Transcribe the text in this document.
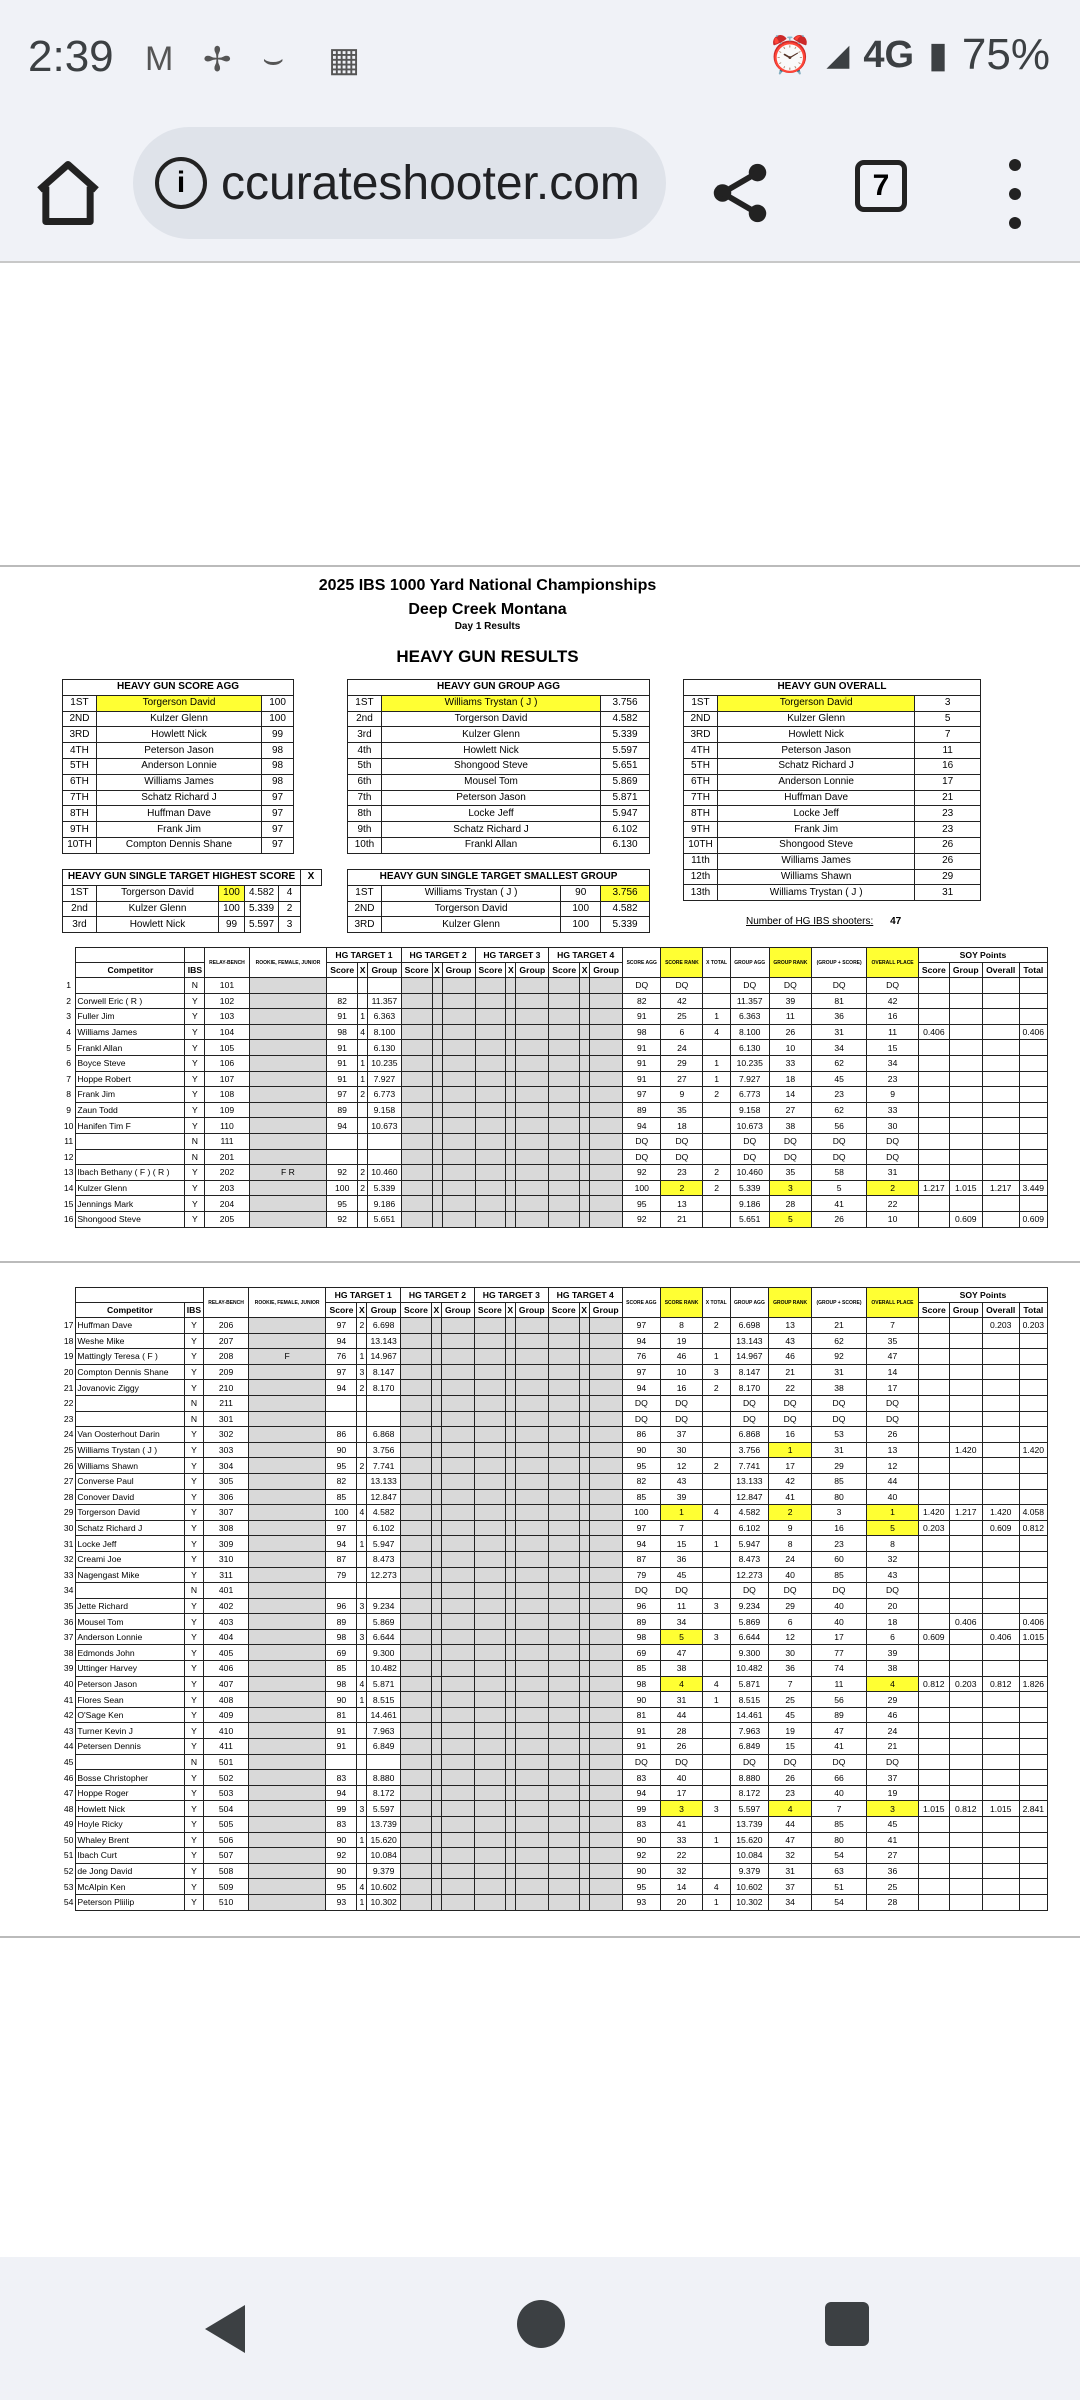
2:39 M ✢ ⌣ ▦	⏰ ◢ 4G ▮ 75%
i ccurateshooter.com	7
2025 IBS 1000 Yard National Championships
Deep Creek Montana
Day 1 Results
HEAVY GUN RESULTS
HEAVY GUN SCORE AGG		
1ST	Torgerson David	100
2ND	Kulzer Glenn	100
3RD	Howlett Nick	99
4TH	Peterson Jason	98
5TH	Anderson Lonnie	98
6TH	Williams James	98
7TH	Schatz Richard J	97
8TH	Huffman Dave	97
9TH	Frank Jim	97
10TH	Compton Dennis Shane	97
HEAVY GUN GROUP AGG		
1ST	Williams Trystan ( J )	3.756
2nd	Torgerson David	4.582
3rd	Kulzer Glenn	5.339
4th	Howlett Nick	5.597
5th	Shongood Steve	5.651
6th	Mousel Tom	5.869
7th	Peterson Jason	5.871
8th	Locke Jeff	5.947
9th	Schatz Richard J	6.102
10th	Frankl Allan	6.130
HEAVY GUN OVERALL		
1ST	Torgerson David	3
2ND	Kulzer Glenn	5
3RD	Howlett Nick	7
4TH	Peterson Jason	11
5TH	Schatz Richard J	16
6TH	Anderson Lonnie	17
7TH	Huffman Dave	21
8TH	Locke Jeff	23
9TH	Frank Jim	23
10TH	Shongood Steve	26
11th	Williams James	26
12th	Williams Shawn	29
13th	Williams Trystan ( J )	31
HEAVY GUN SINGLE TARGET HIGHEST SCORE					X
1ST	Torgerson David	100	4.582	4	
2nd	Kulzer Glenn	100	5.339	2	
3rd	Howlett Nick	99	5.597	3	
HEAVY GUN SINGLE TARGET SMALLEST GROUP			
1ST	Williams Trystan ( J )	90	3.756
2ND	Torgerson David	100	4.582
3RD	Kulzer Glenn	100	5.339	Number of HG IBS shooters: 47
			RELAY-BENCH	ROOKIE, FEMALE, JUNIOR	HG TARGET 1			HG TARGET 2			HG TARGET 3			HG TARGET 4			SCORE AGG	SCORE RANK	X TOTAL	GROUP AGG	GROUP RANK	(GROUP + SCORE)	OVERALL PLACE	SOY Points			
	Competitor	IBS			Score	X	Group	Score	X	Group	Score	X	Group	Score	X	Group								Score	Group	Overall	Total
1		N	101														DQ	DQ		DQ	DQ	DQ	DQ				
2	Corwell Eric ( R )	Y	102		82		11.357										82	42		11.357	39	81	42				
3	Fuller Jim	Y	103		91	1	6.363										91	25	1	6.363	11	36	16				
4	Williams James	Y	104		98	4	8.100										98	6	4	8.100	26	31	11	0.406			0.406
5	Frankl Allan	Y	105		91		6.130										91	24		6.130	10	34	15				
6	Boyce Steve	Y	106		91	1	10.235										91	29	1	10.235	33	62	34				
7	Hoppe Robert	Y	107		91	1	7.927										91	27	1	7.927	18	45	23				
8	Frank Jim	Y	108		97	2	6.773										97	9	2	6.773	14	23	9				
9	Zaun Todd	Y	109		89		9.158										89	35		9.158	27	62	33				
10	Hanifen Tim F	Y	110		94		10.673										94	18		10.673	38	56	30				
11		N	111														DQ	DQ		DQ	DQ	DQ	DQ				
12		N	201														DQ	DQ		DQ	DQ	DQ	DQ				
13	Ibach Bethany ( F ) ( R )	Y	202	F R	92	2	10.460										92	23	2	10.460	35	58	31				
14	Kulzer Glenn	Y	203		100	2	5.339										100	2	2	5.339	3	5	2	1.217	1.015	1.217	3.449
15	Jennings Mark	Y	204		95		9.186										95	13		9.186	28	41	22				
16	Shongood Steve	Y	205		92		5.651										92	21		5.651	5	26	10		0.609		0.609
			RELAY-BENCH	ROOKIE, FEMALE, JUNIOR	HG TARGET 1			HG TARGET 2			HG TARGET 3			HG TARGET 4			SCORE AGG	SCORE RANK	X TOTAL	GROUP AGG	GROUP RANK	(GROUP + SCORE)	OVERALL PLACE	SOY Points			
	Competitor	IBS			Score	X	Group	Score	X	Group	Score	X	Group	Score	X	Group								Score	Group	Overall	Total
17	Huffman Dave	Y	206		97	2	6.698										97	8	2	6.698	13	21	7			0.203	0.203
18	Weshe Mike	Y	207		94		13.143										94	19		13.143	43	62	35				
19	Mattingly Teresa ( F )	Y	208	F	76	1	14.967										76	46	1	14.967	46	92	47				
20	Compton Dennis Shane	Y	209		97	3	8.147										97	10	3	8.147	21	31	14				
21	Jovanovic Ziggy	Y	210		94	2	8.170										94	16	2	8.170	22	38	17				
22		N	211														DQ	DQ		DQ	DQ	DQ	DQ				
23		N	301														DQ	DQ		DQ	DQ	DQ	DQ				
24	Van Oosterhout Darin	Y	302		86		6.868										86	37		6.868	16	53	26				
25	Williams Trystan ( J )	Y	303		90		3.756										90	30		3.756	1	31	13		1.420		1.420
26	Williams Shawn	Y	304		95	2	7.741										95	12	2	7.741	17	29	12				
27	Converse Paul	Y	305		82		13.133										82	43		13.133	42	85	44				
28	Conover David	Y	306		85		12.847										85	39		12.847	41	80	40				
29	Torgerson David	Y	307		100	4	4.582										100	1	4	4.582	2	3	1	1.420	1.217	1.420	4.058
30	Schatz Richard J	Y	308		97		6.102										97	7		6.102	9	16	5	0.203		0.609	0.812
31	Locke Jeff	Y	309		94	1	5.947										94	15	1	5.947	8	23	8				
32	Creami Joe	Y	310		87		8.473										87	36		8.473	24	60	32				
33	Nagengast Mike	Y	311		79		12.273										79	45		12.273	40	85	43				
34		N	401														DQ	DQ		DQ	DQ	DQ	DQ				
35	Jette Richard	Y	402		96	3	9.234										96	11	3	9.234	29	40	20				
36	Mousel Tom	Y	403		89		5.869										89	34		5.869	6	40	18		0.406		0.406
37	Anderson Lonnie	Y	404		98	3	6.644										98	5	3	6.644	12	17	6	0.609		0.406	1.015
38	Edmonds John	Y	405		69		9.300										69	47		9.300	30	77	39				
39	Uttinger Harvey	Y	406		85		10.482										85	38		10.482	36	74	38				
40	Peterson Jason	Y	407		98	4	5.871										98	4	4	5.871	7	11	4	0.812	0.203	0.812	1.826
41	Flores Sean	Y	408		90	1	8.515										90	31	1	8.515	25	56	29				
42	O'Sage Ken	Y	409		81		14.461										81	44		14.461	45	89	46				
43	Turner Kevin J	Y	410		91		7.963										91	28		7.963	19	47	24				
44	Petersen Dennis	Y	411		91		6.849										91	26		6.849	15	41	21				
45		N	501														DQ	DQ		DQ	DQ	DQ	DQ				
46	Bosse Christopher	Y	502		83		8.880										83	40		8.880	26	66	37				
47	Hoppe Roger	Y	503		94		8.172										94	17		8.172	23	40	19				
48	Howlett Nick	Y	504		99	3	5.597										99	3	3	5.597	4	7	3	1.015	0.812	1.015	2.841
49	Hoyle Ricky	Y	505		83		13.739										83	41		13.739	44	85	45				
50	Whaley Brent	Y	506		90	1	15.620										90	33	1	15.620	47	80	41				
51	Ibach Curt	Y	507		92		10.084										92	22		10.084	32	54	27				
52	de Jong David	Y	508		90		9.379										90	32		9.379	31	63	36				
53	McAlpin Ken	Y	509		95	4	10.602										95	14	4	10.602	37	51	25				
54	Peterson Pliilip	Y	510		93	1	10.302										93	20	1	10.302	34	54	28				
